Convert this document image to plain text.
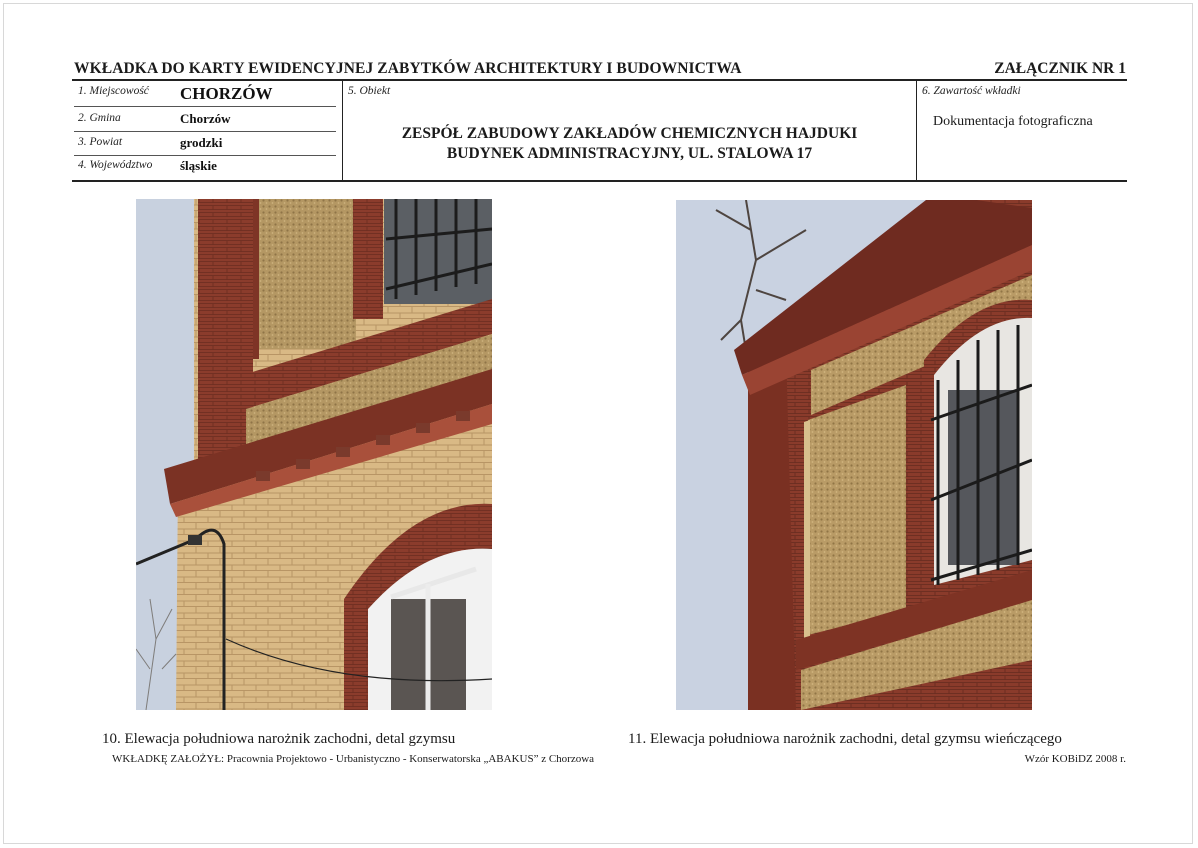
WKŁADKA DO KARTY EWIDENCYJNEJ ZABYTKÓW ARCHITEKTURY I BUDOWNICTWA	ZAŁĄCZNIK NR 1
1. Miejscowość CHORZÓW
2. Gmina	Chorzów
3. Powiat	grodzki
4. Województwo śląskie
5. Obiekt
ZESPÓŁ ZABUDOWY ZAKŁADÓW CHEMICZNYCH HAJDUKI
BUDYNEK ADMINISTRACYJNY, UL. STALOWA 17
6. Zawartość wkładki
Dokumentacja fotograficzna
10. Elewacja południowa narożnik zachodni, detal gzymsu	11. Elewacja południowa narożnik zachodni, detal gzymsu wieńczącego
WKŁADKĘ ZAŁOŻYŁ: Pracownia Projektowo - Urbanistyczno - Konserwatorska „ABAKUS” z Chorzowa	Wzór KOBiDZ 2008 r.
